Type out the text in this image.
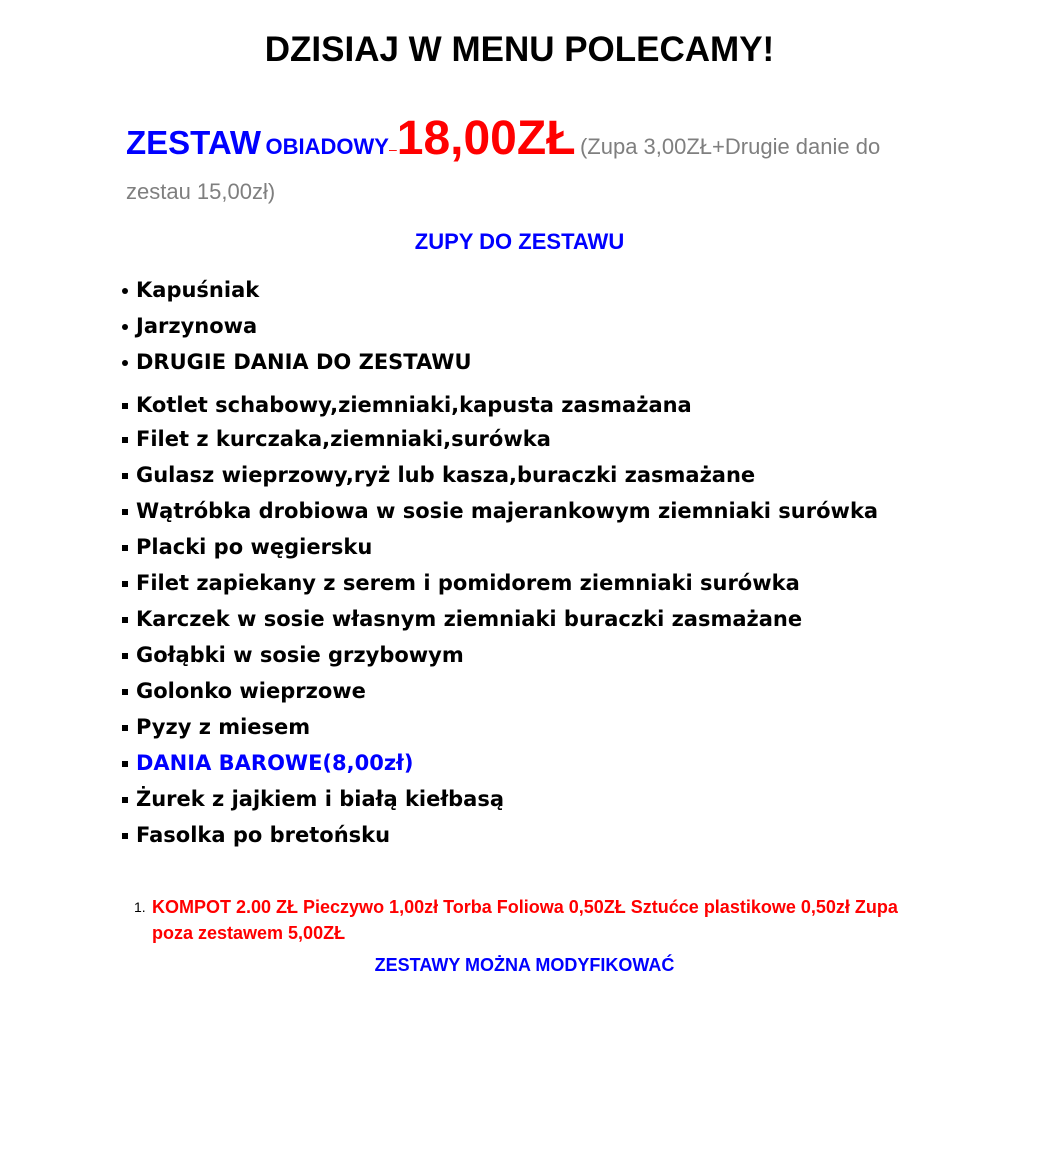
DZISIAJ W MENU POLECAMY!
ZESTAW OBIADOWY–18,00ZŁ (Zupa 3,00ZŁ+Drugie danie do zestau 15,00zł)
ZUPY DO ZESTAWU
Kapuśniak
Jarzynowa
DRUGIE DANIA DO ZESTAWU
Kotlet schabowy,ziemniaki,kapusta zasmażana
Filet z kurczaka,ziemniaki,surówka
Gulasz wieprzowy,ryż lub kasza,buraczki zasmażane
Wątróbka drobiowa w sosie majerankowym ziemniaki surówka
Placki po węgiersku
Filet zapiekany z serem i pomidorem ziemniaki surówka
Karczek w sosie własnym ziemniaki buraczki zasmażane
Gołąbki w sosie grzybowym
Golonko wieprzowe
Pyzy z miesem
DANIA BAROWE(8,00zł)
Żurek z jajkiem i białą kiełbasą
Fasolka po bretońsku
1. KOMPOT 2.00 ZŁ Pieczywo 1,00zł Torba Foliowa 0,50ZŁ Sztućce plastikowe 0,50zł Zupa poza zestawem 5,00ZŁ
ZESTAWY MOŻNA MODYFIKOWAĆ
